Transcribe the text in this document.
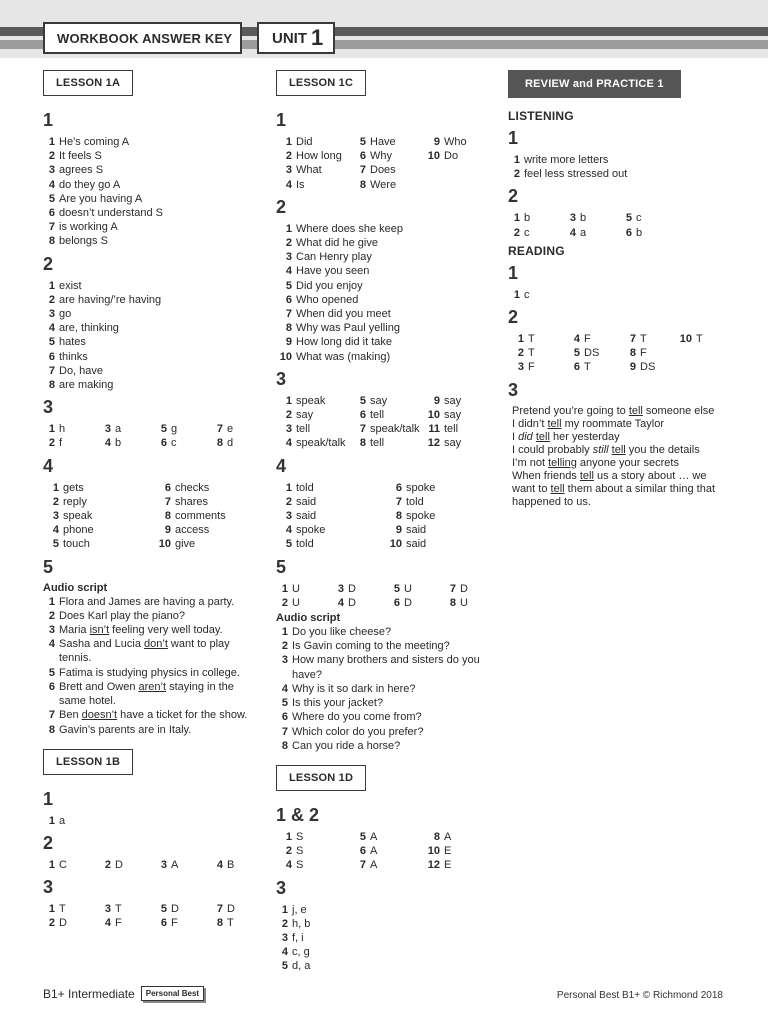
WORKBOOK ANSWER KEY	UNIT 1
LESSON 1A
1
1 He’s coming A
2 It feels S
3 agrees S
4 do they go A
5 Are you having A
6 doesn’t understand S
7 is working A
8 belongs S
2
1 exist
2 are having/’re having
3 go
4 are, thinking
5 hates
6 thinks
7 Do, have
8 are making
3
1 h	3 a	5 g	7 e
2 f	4 b	6 c	8 d
4
1 gets	6 checks
2 reply	7 shares
3 speak	8 comments
4 phone	9 access
5 touch	10 give
5
Audio script
1 Flora and James are having a party.
2 Does Karl play the piano?
3 Maria isn’t feeling very well today.
4 Sasha and Lucia don’t want to play tennis.
5 Fatima is studying physics in college.
6 Brett and Owen aren’t staying in the same hotel.
7 Ben doesn’t have a ticket for the show.
8 Gavin’s parents are in Italy.
LESSON 1B
1
1 a
2
1 C	2 D	3 A	4 B
3
1 T	3 T	5 D	7 D
2 D	4 F	6 F	8 T
LESSON 1C
1
1 Did	5 Have	9 Who
2 How long	6 Why	10 Do
3 What	7 Does
4 Is	8 Were
2
1 Where does she keep
2 What did he give
3 Can Henry play
4 Have you seen
5 Did you enjoy
6 Who opened
7 When did you meet
8 Why was Paul yelling
9 How long did it take
10 What was (making)
3
1 speak	5 say	9 say
2 say	6 tell	10 say
3 tell	7 speak/talk 11 tell
4 speak/talk	8 tell	12 say
4
1 told	6 spoke
2 said	7 told
3 said	8 spoke
4 spoke	9 said
5 told	10 said
5
1 U	3 D	5 U	7 D
2 U	4 D	6 D	8 U
Audio script
1 Do you like cheese?
2 Is Gavin coming to the meeting?
3 How many brothers and sisters do you have?
4 Why is it so dark in here?
5 Is this your jacket?
6 Where do you come from?
7 Which color do you prefer?
8 Can you ride a horse?
LESSON 1D
1 & 2
1 S	5 A	8 A
2 S	6 A	10 E
4 S	7 A	12 E
3
1 j, e
2 h, b
3 f, i
4 c, g
5 d, a
REVIEW and PRACTICE 1
LISTENING
1
1 write more letters
2 feel less stressed out
2
1 b	3 b	5 c
2 c	4 a	6 b
READING
1
1 c
2
1 T	4 F	7 T	10 T
2 T	5 DS	8 F
3 F	6 T	9 DS
3
Pretend you’re going to tell someone else
I didn’t tell my roommate Taylor
I did tell her yesterday
I could probably still tell you the details
I’m not telling anyone your secrets
When friends tell us a story about … we
want to tell them about a similar thing that
happened to us.
B1+ Intermediate	Personal Best	Personal Best B1+ © Richmond 2018
